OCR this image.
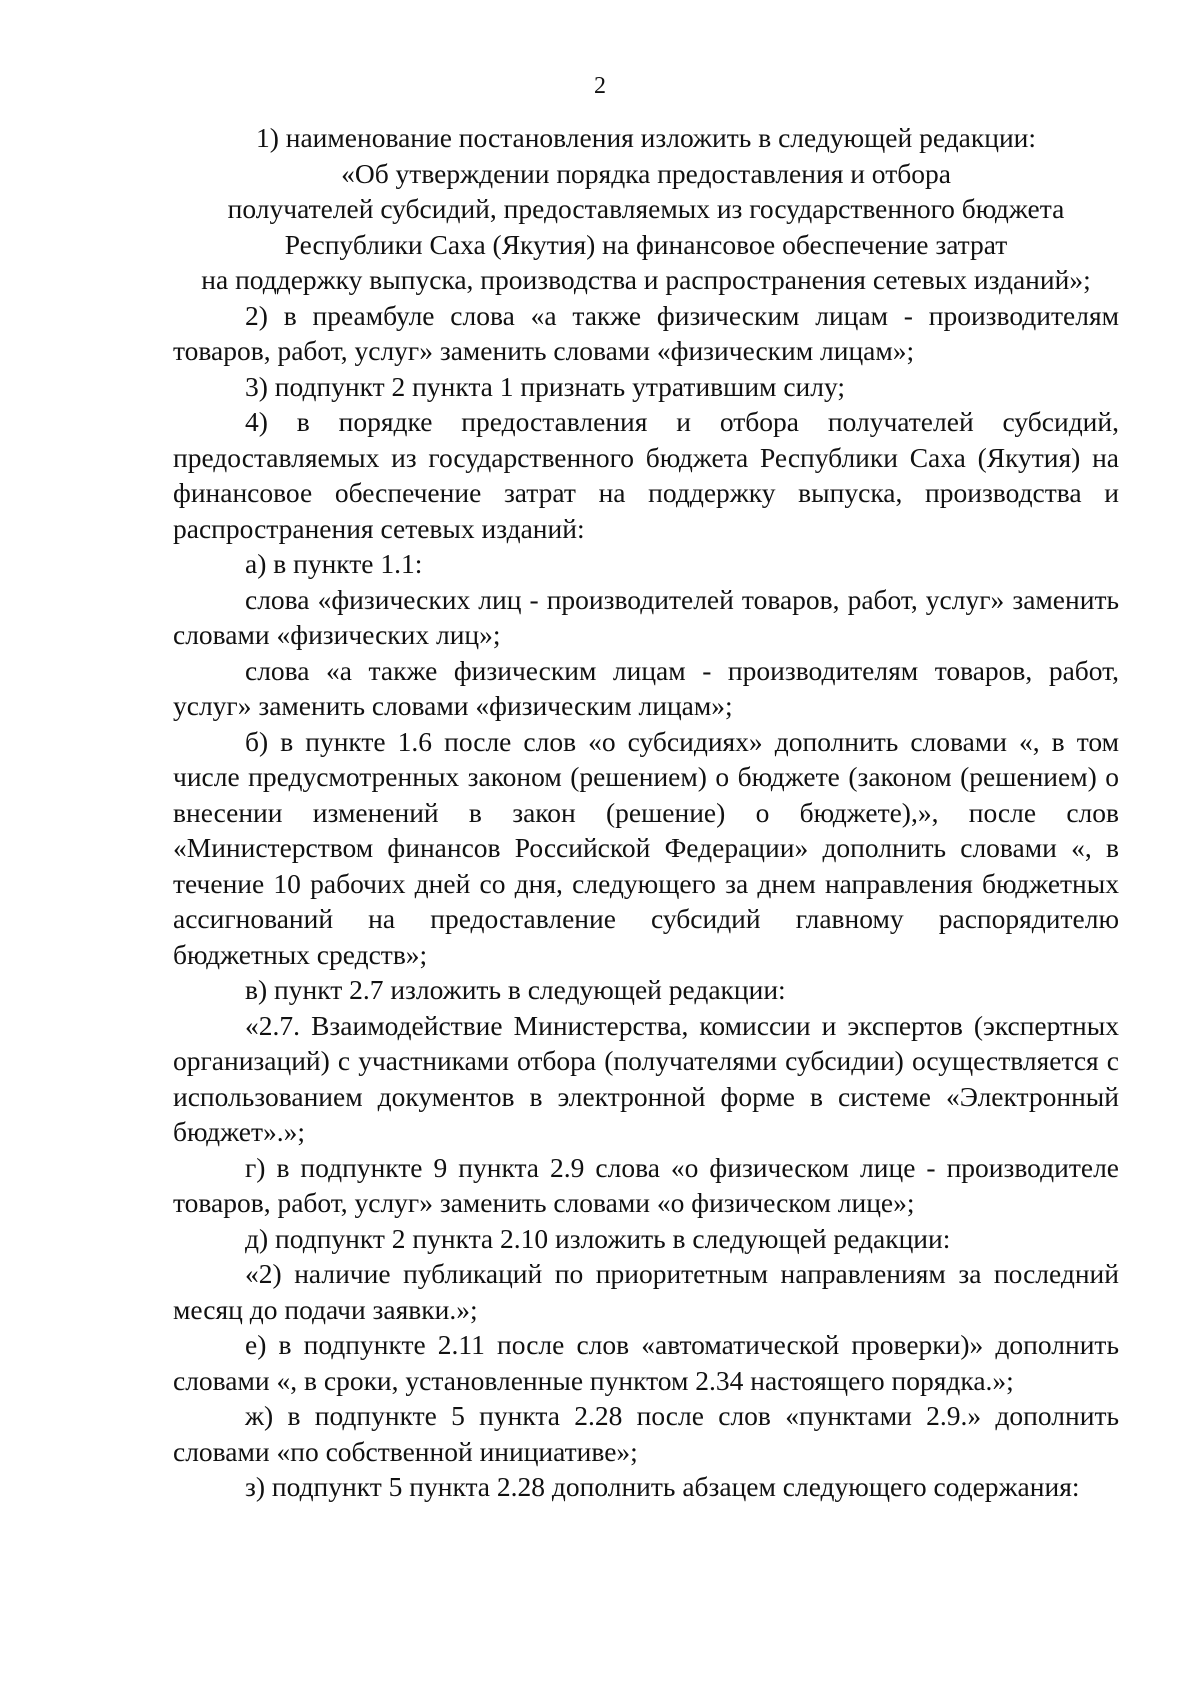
2

1) наименование постановления изложить в следующей редакции:

«Об утверждении порядка предоставления и отбора
получателей субсидий, предоставляемых из государственного бюджета
Республики Саха (Якутия) на финансовое обеспечение затрат
на поддержку выпуска, производства и распространения сетевых изданий»;

2) в преамбуле слова «а также физическим лицам - производителям товаров, работ, услуг» заменить словами «физическим лицам»;

3) подпункт 2 пункта 1 признать утратившим силу;

4) в порядке предоставления и отбора получателей субсидий, предоставляемых из государственного бюджета Республики Саха (Якутия) на финансовое обеспечение затрат на поддержку выпуска, производства и распространения сетевых изданий:

а) в пункте 1.1:

слова «физических лиц - производителей товаров, работ, услуг» заменить словами «физических лиц»;

слова «а также физическим лицам - производителям товаров, работ, услуг» заменить словами «физическим лицам»;

б) в пункте 1.6 после слов «о субсидиях» дополнить словами «, в том числе предусмотренных законом (решением) о бюджете (законом (решением) о внесении изменений в закон (решение) о бюджете),», после слов «Министерством финансов Российской Федерации» дополнить словами «, в течение 10 рабочих дней со дня, следующего за днем направления бюджетных ассигнований на предоставление субсидий главному распорядителю бюджетных средств»;

в) пункт 2.7 изложить в следующей редакции:

«2.7. Взаимодействие Министерства, комиссии и экспертов (экспертных организаций) с участниками отбора (получателями субсидии) осуществляется с использованием документов в электронной форме в системе «Электронный бюджет».»;

г) в подпункте 9 пункта 2.9 слова «о физическом лице - производителе товаров, работ, услуг» заменить словами «о физическом лице»;

д) подпункт 2 пункта 2.10 изложить в следующей редакции:

«2) наличие публикаций по приоритетным направлениям за последний месяц до подачи заявки.»;

е) в подпункте 2.11 после слов «автоматической проверки)» дополнить словами «, в сроки, установленные пунктом 2.34 настоящего порядка.»;

ж) в подпункте 5 пункта 2.28 после слов «пунктами 2.9.» дополнить словами «по собственной инициативе»;

з) подпункт 5 пункта 2.28 дополнить абзацем следующего содержания:
